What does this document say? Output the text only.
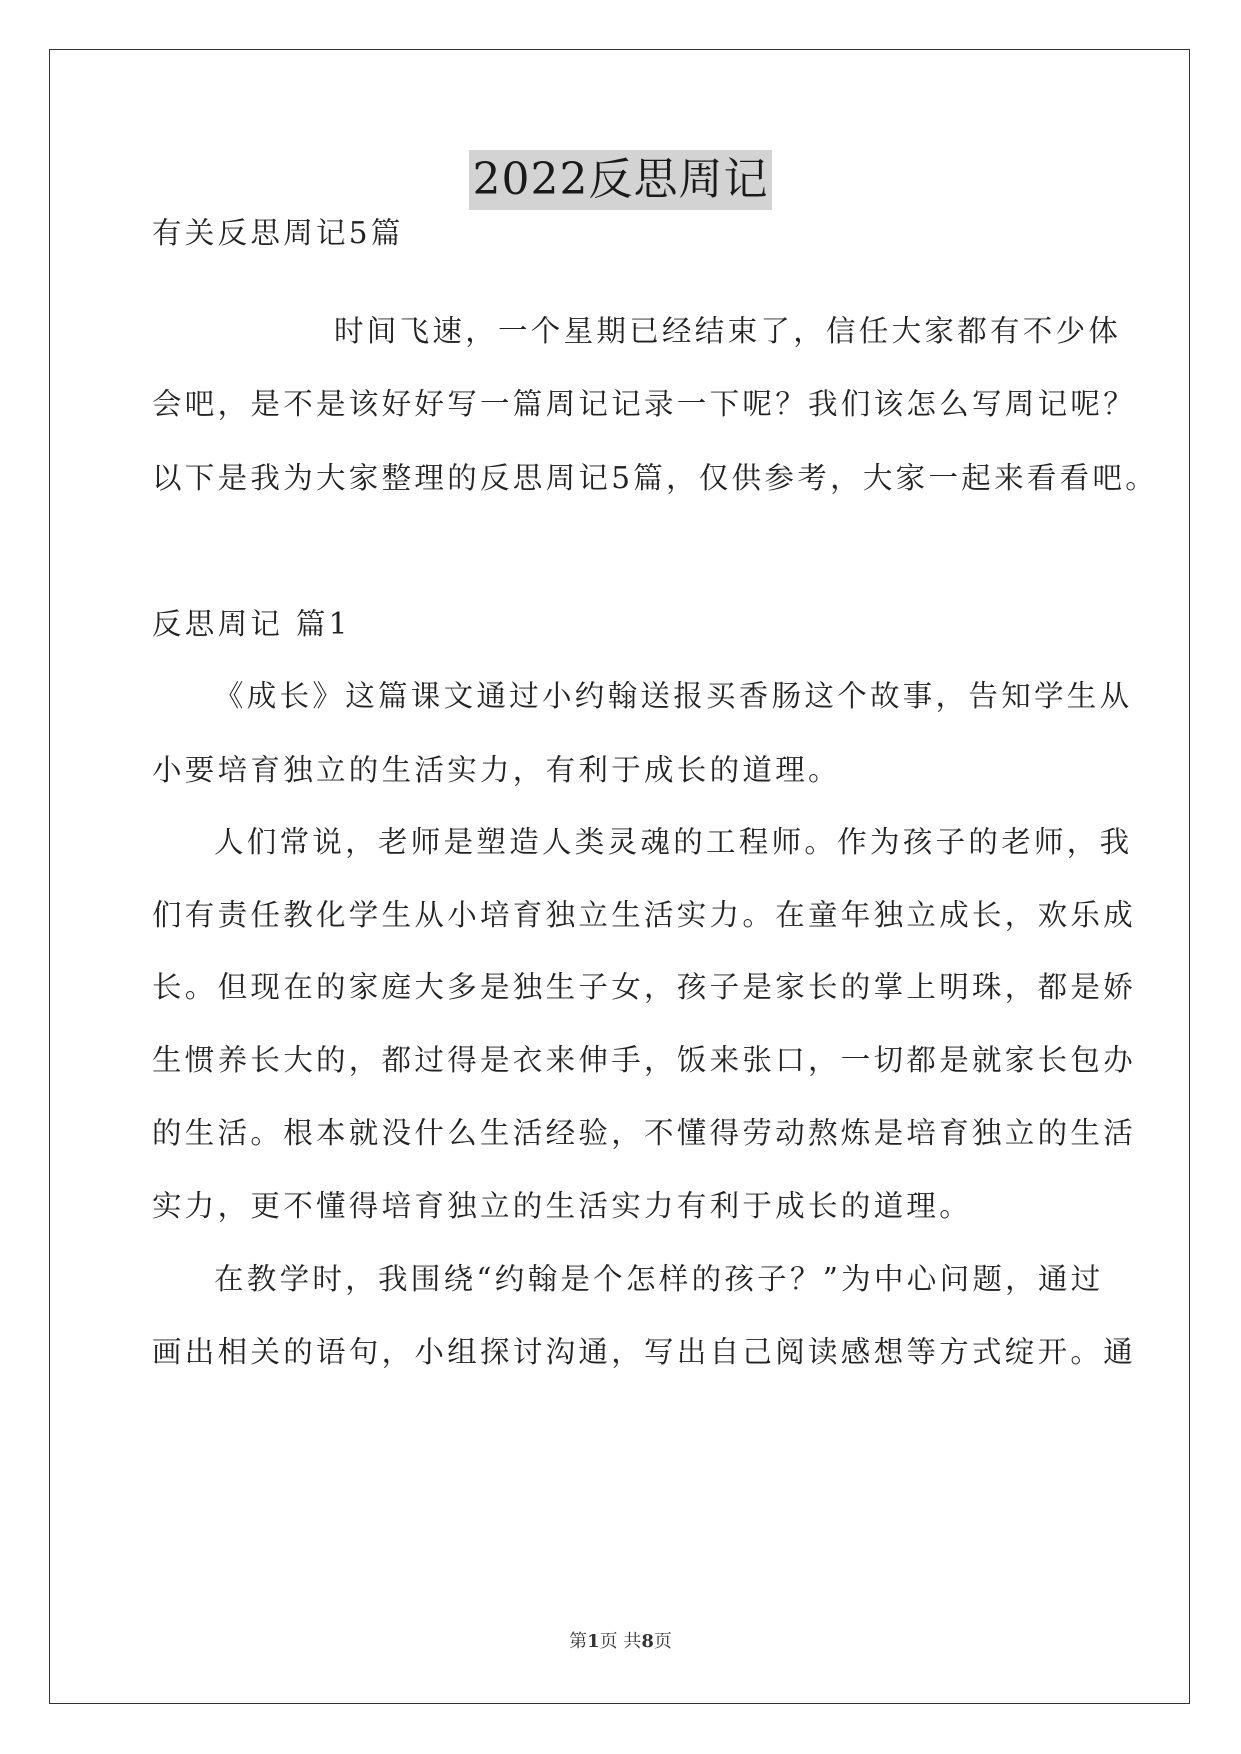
2022反思周记
有关反思周记5篇
时间飞速，一个星期已经结束了，信任大家都有不少体
会吧，是不是该好好写一篇周记记录一下呢？我们该怎么写周记呢？
以下是我为大家整理的反思周记5篇，仅供参考，大家一起来看看吧。
反思周记 篇1
《成长》这篇课文通过小约翰送报买香肠这个故事，告知学生从
小要培育独立的生活实力，有利于成长的道理。
人们常说，老师是塑造人类灵魂的工程师。作为孩子的老师，我
们有责任教化学生从小培育独立生活实力。在童年独立成长，欢乐成
长。但现在的家庭大多是独生子女，孩子是家长的掌上明珠，都是娇
生惯养长大的，都过得是衣来伸手，饭来张口，一切都是就家长包办
的生活。根本就没什么生活经验，不懂得劳动熬炼是培育独立的生活
实力，更不懂得培育独立的生活实力有利于成长的道理。
在教学时，我围绕“约翰是个怎样的孩子？”为中心问题，通过
画出相关的语句，小组探讨沟通，写出自己阅读感想等方式绽开。通
第1页 共8页
